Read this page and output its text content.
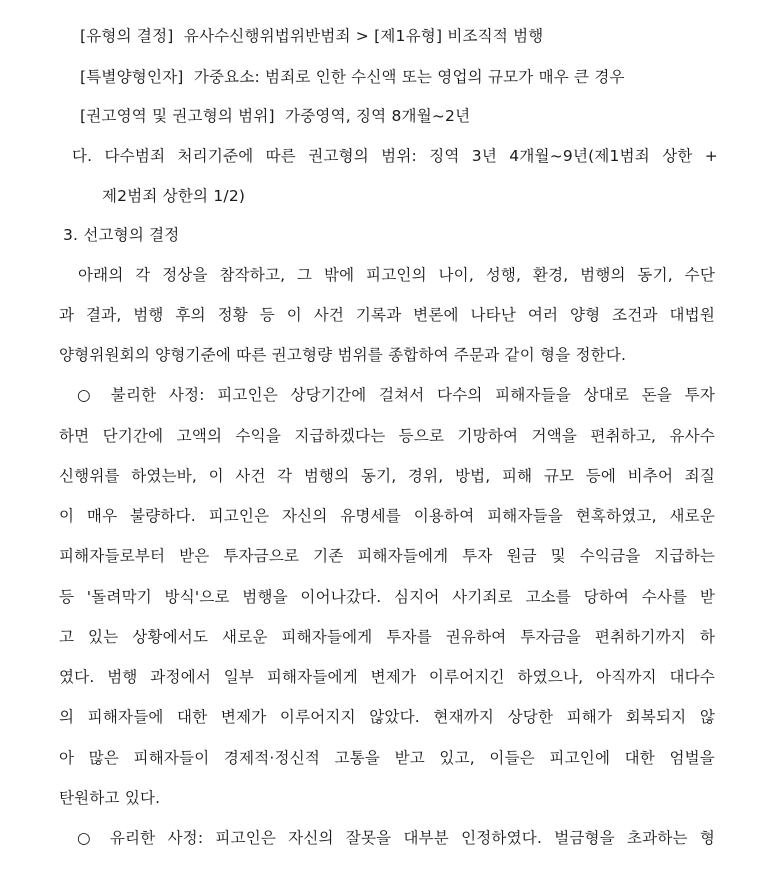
[유형의 결정] 유사수신행위법위반범죄 > [제1유형] 비조직적 범행
[특별양형인자] 가중요소: 범죄로 인한 수신액 또는 영업의 규모가 매우 큰 경우
[권고영역 및 권고형의 범위] 가중영역, 징역 8개월~2년
다. 다수범죄 처리기준에 따른 권고형의 범위: 징역 3년 4개월~9년(제1범죄 상한 +
제2범죄 상한의 1/2)
3. 선고형의 결정
아래의 각 정상을 참작하고, 그 밖에 피고인의 나이, 성행, 환경, 범행의 동기, 수단
과 결과, 범행 후의 정황 등 이 사건 기록과 변론에 나타난 여러 양형 조건과 대법원
양형위원회의 양형기준에 따른 권고형량 범위를 종합하여 주문과 같이 형을 정한다.
○ 불리한 사정: 피고인은 상당기간에 걸쳐서 다수의 피해자들을 상대로 돈을 투자
하면 단기간에 고액의 수익을 지급하겠다는 등으로 기망하여 거액을 편취하고, 유사수
신행위를 하였는바, 이 사건 각 범행의 동기, 경위, 방법, 피해 규모 등에 비추어 죄질
이 매우 불량하다. 피고인은 자신의 유명세를 이용하여 피해자들을 현혹하였고, 새로운
피해자들로부터 받은 투자금으로 기존 피해자들에게 투자 원금 및 수익금을 지급하는
등 '돌려막기 방식'으로 범행을 이어나갔다. 심지어 사기죄로 고소를 당하여 수사를 받
고 있는 상황에서도 새로운 피해자들에게 투자를 권유하여 투자금을 편취하기까지 하
였다. 범행 과정에서 일부 피해자들에게 변제가 이루어지긴 하였으나, 아직까지 대다수
의 피해자들에 대한 변제가 이루어지지 않았다. 현재까지 상당한 피해가 회복되지 않
아 많은 피해자들이 경제적·정신적 고통을 받고 있고, 이들은 피고인에 대한 엄벌을
탄원하고 있다.
○ 유리한 사정: 피고인은 자신의 잘못을 대부분 인정하였다. 벌금형을 초과하는 형
